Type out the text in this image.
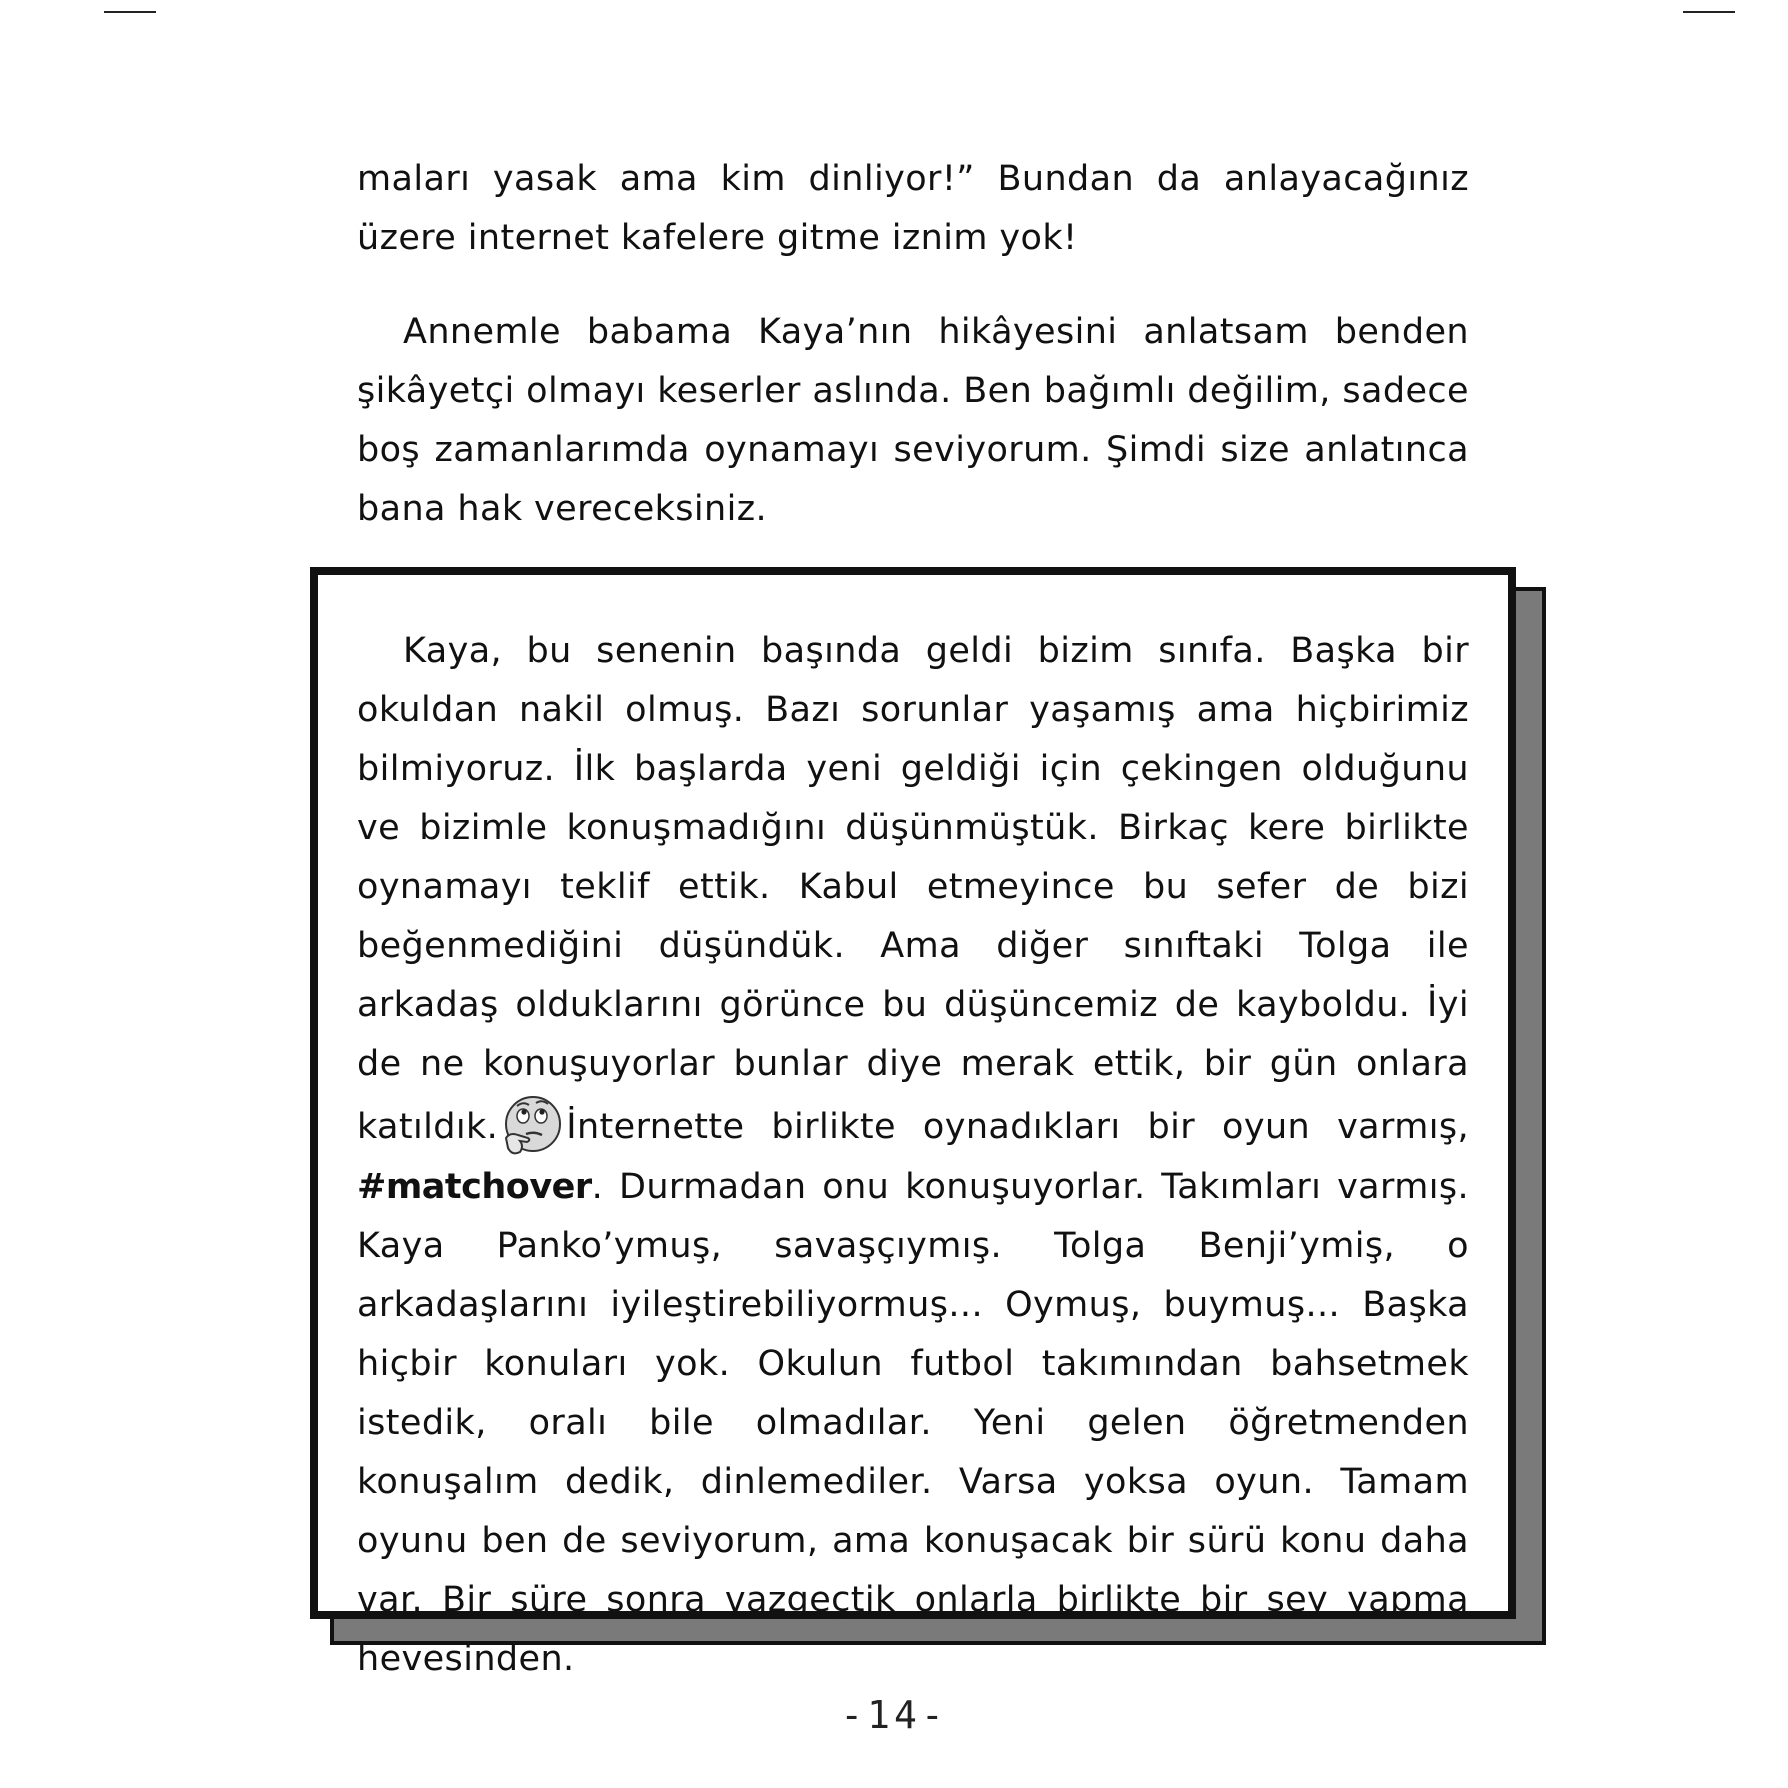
maları yasak ama kim dinliyor!” Bundan da anlayacağınız üzere internet kafelere gitme iznim yok!

Annemle babama Kaya’nın hikâyesini anlatsam benden şikâyetçi olmayı keserler aslında. Ben bağımlı değilim, sadece boş zamanlarımda oynamayı seviyorum. Şimdi size anlatınca bana hak vereceksiniz.

Kaya, bu senenin başında geldi bizim sınıfa. Başka bir okuldan nakil olmuş. Bazı sorunlar yaşamış ama hiçbirimiz bilmiyoruz. İlk başlarda yeni geldiği için çekingen olduğunu ve bizimle konuşmadığını düşünmüştük. Birkaç kere birlikte oynamayı teklif ettik. Kabul etmeyince bu sefer de bizi beğenmediğini düşündük. Ama diğer sınıftaki Tolga ile arkadaş olduklarını görünce bu düşüncemiz de kayboldu. İyi de ne konuşuyorlar bunlar diye merak ettik, bir gün onlara katıldık. İnternette birlikte oynadıkları bir oyun varmış, #matchover. Durmadan onu konuşuyorlar. Takımları varmış. Kaya Panko’ymuş, savaşçıymış. Tolga Benji’ymiş, o arkadaşlarını iyileştirebiliyormuş... Oymuş, buymuş... Başka hiçbir konuları yok. Okulun futbol takımından bahsetmek istedik, oralı bile olmadılar. Yeni gelen öğretmenden konuşalım dedik, dinlemediler. Varsa yoksa oyun. Tamam oyunu ben de seviyorum, ama konuşacak bir sürü konu daha var. Bir süre sonra vazgeçtik onlarla birlikte bir şey yapma hevesinden.

-14-
